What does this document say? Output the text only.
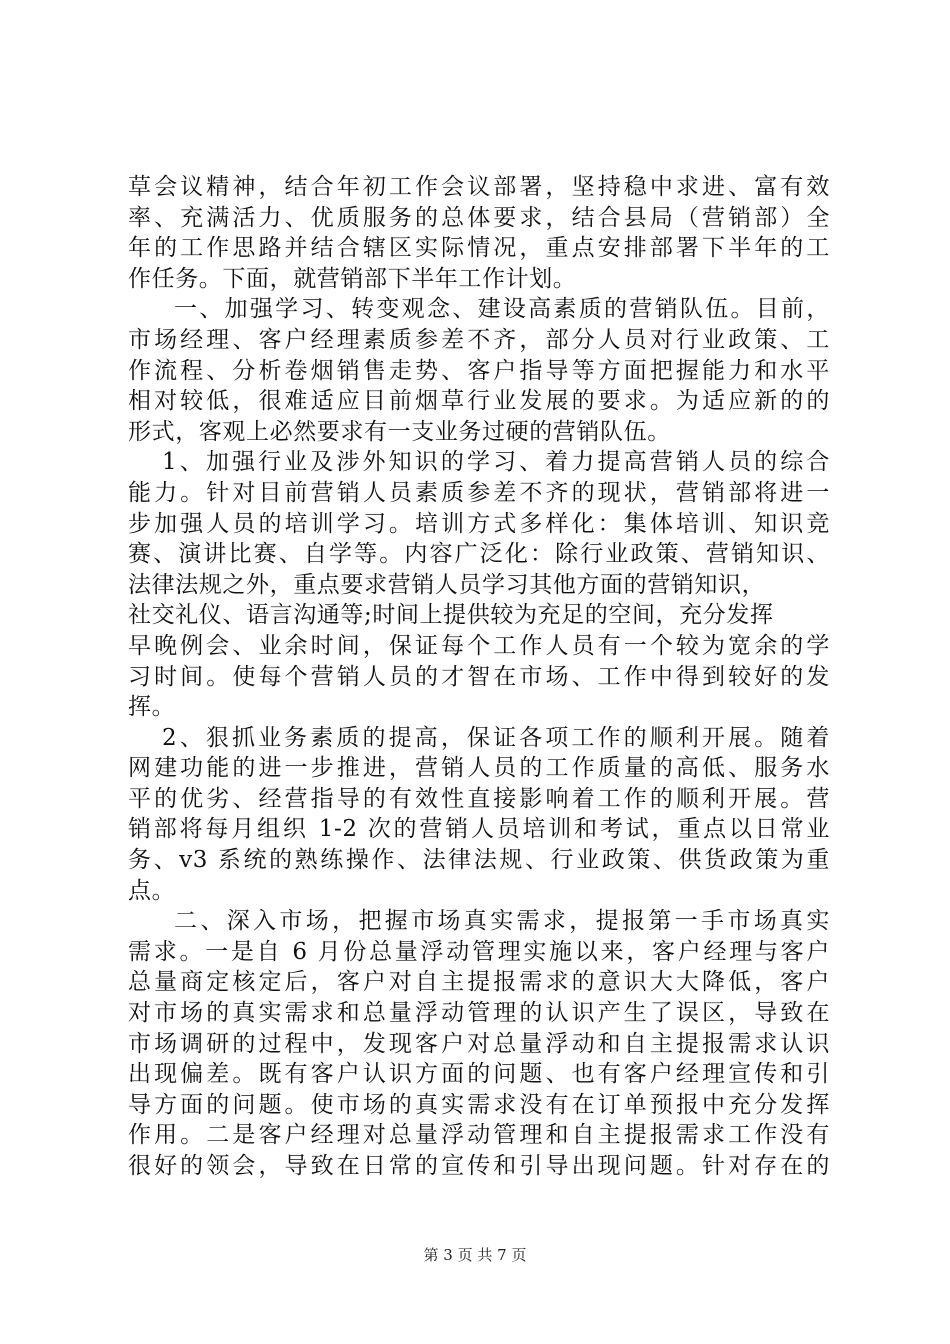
草会议精神，结合年初工作会议部署，坚持稳中求进、富有效
率、充满活力、优质服务的总体要求，结合县局（营销部）全
年的工作思路并结合辖区实际情况，重点安排部署下半年的工
作任务。下面，就营销部下半年工作计划。
一、加强学习、转变观念、建设高素质的营销队伍。目前，
市场经理、客户经理素质参差不齐，部分人员对行业政策、工
作流程、分析卷烟销售走势、客户指导等方面把握能力和水平
相对较低，很难适应目前烟草行业发展的要求。为适应新的的
形式，客观上必然要求有一支业务过硬的营销队伍。
1、加强行业及涉外知识的学习、着力提高营销人员的综合
能力。针对目前营销人员素质参差不齐的现状，营销部将进一
步加强人员的培训学习。培训方式多样化：集体培训、知识竞
赛、演讲比赛、自学等。内容广泛化：除行业政策、营销知识、
法律法规之外，重点要求营销人员学习其他方面的营销知识，
社交礼仪、语言沟通等;时间上提供较为充足的空间，充分发挥
早晚例会、业余时间，保证每个工作人员有一个较为宽余的学
习时间。使每个营销人员的才智在市场、工作中得到较好的发
挥。
2、狠抓业务素质的提高，保证各项工作的顺利开展。随着
网建功能的进一步推进，营销人员的工作质量的高低、服务水
平的优劣、经营指导的有效性直接影响着工作的顺利开展。营
销部将每月组织 1-2 次的营销人员培训和考试，重点以日常业
务、v3 系统的熟练操作、法律法规、行业政策、供货政策为重
点。
二、深入市场，把握市场真实需求，提报第一手市场真实
需求。一是自 6 月份总量浮动管理实施以来，客户经理与客户
总量商定核定后，客户对自主提报需求的意识大大降低，客户
对市场的真实需求和总量浮动管理的认识产生了误区，导致在
市场调研的过程中，发现客户对总量浮动和自主提报需求认识
出现偏差。既有客户认识方面的问题、也有客户经理宣传和引
导方面的问题。使市场的真实需求没有在订单预报中充分发挥
作用。二是客户经理对总量浮动管理和自主提报需求工作没有
很好的领会，导致在日常的宣传和引导出现问题。针对存在的
第 3 页 共 7 页
